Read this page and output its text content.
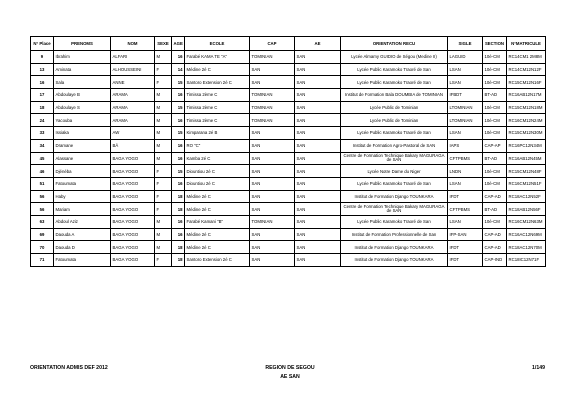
N° Place	PRENOMS	NOM	SEXE	AGE	ECOLE	CAP	AE	ORIENTATION RECU	SIGLE	SECTION	N°MATRICULE
9	Ibrahim	ALFARI	M	16	Farabé KAMA TE "A"	TOMINIAN	SAN	Lycée Almamy GUIDIO de Ségou (Medine II)	LAGUID	10é-CM	RC14CM1 2M8M
13	Aminata	ALHOUSSEINI	F	14	Médine 2é C	SAN	SAN	Lycée Public Karamoko Traoré de San	LSAN	10é-CM	RC14CM12N12F
16	Sala	ANNE	F	15	Santoro Extension 2é C	SAN	SAN	Lycée Public Karamoko Traoré de San	LSAN	10é-CM	RC15CM12N16F
17	Abdoulaye B	ARAMA	M	16	Timissa 2ème C	TOMINIAN	SAN	Institut de Formation Bala DOUMBIA de TOMINIAN	IFBDT	BT-AD	RC16AB12N17M
18	Abdoulaye S	ARAMA	M	15	Timissa 2ème C	TOMINIAN	SAN	Lycée Public de Tominian	LTOMINIAN	10é-CM	RC15CM12N18M
24	Yacouba	ARAMA	M	16	Timissa 2ème C	TOMINIAN	SAN	Lycée Public de Tominian	LTOMINIAN	10é-CM	RC16CM12N24M
33	Issiaka	AW	M	15	Kimparana 2é B	SAN	SAN	Lycée Public Karamoko Traoré de San	LSAN	10é-CM	RC15CM12N30M
34	Dramane	BÂ	M	16	RO "C"	SAN	SAN	Institut de Formation Agro-Pastoral de SAN	IAPS	CAP-AP	RC16PC12N34M
45	Alassane	BAGA YOGO	M	16	Kamba 2é C	SAN	SAN	Centre de Formation Technique Bakary MAGURAGA de SAN	CFTPBMS	BT-AD	RC16AB12N45M
46	Djénéba	BAGA YOGO	F	15	Diountiou 2é C	SAN	SAN	Lycée Notre Dame du Niger	LNDN	10é-CM	RC15CM12N48F
51	Fatoumata	BAGA YOGO	F	16	Diountiou 2é C	SAN	SAN	Lycée Public Karamoko Traoré de San	LSAN	10é-CM	RC16CM12N51F
56	Haby	BAGA YOGO	F	18	Médine 2é C	SAN	SAN	Institut de Formation Django TOUNKARA	IFDT	CAP-AD	RC18AC12N52F
56	Mariam	BAGA YOGO	F	18	Médine 2é C	SAN	SAN	Centre de Formation Technique Bakary MAGURAGA de SAN	CFTPBMS	BT-AD	RC18AB12N56F
63	Abdoul Aziz	BAGA YOGO	M	16	Farabé Kamani "B"	TOMINIAN	SAN	Lycée Public Karamoko Traoré de San	LSAN	10é-CM	RC16CM12N63M
69	Daouda A	BAGA YOGO	M	16	Médine 2é C	SAN	SAN	Institut de Formation Professionnelle de San	IFP-SAN	CAP-AD	RC16AC12N69M
70	Daouda D	BAGA YOGO	M	18	Médine 2é C	SAN	SAN	Institut de Formation Django TOUNKARA	IFDT	CAP-AD	RC18AC12N70M
71	Fatoumata	BAGA YOGO	F	18	Santoro Extension 2é C	SAN	SAN	Institut de Formation Django TOUNKARA	IFDT	CAP-IND	RC18IC12N71F
ORIENTATION ADMIS DEF 2012	REGION DE SEGOU
AE SAN
1/149
